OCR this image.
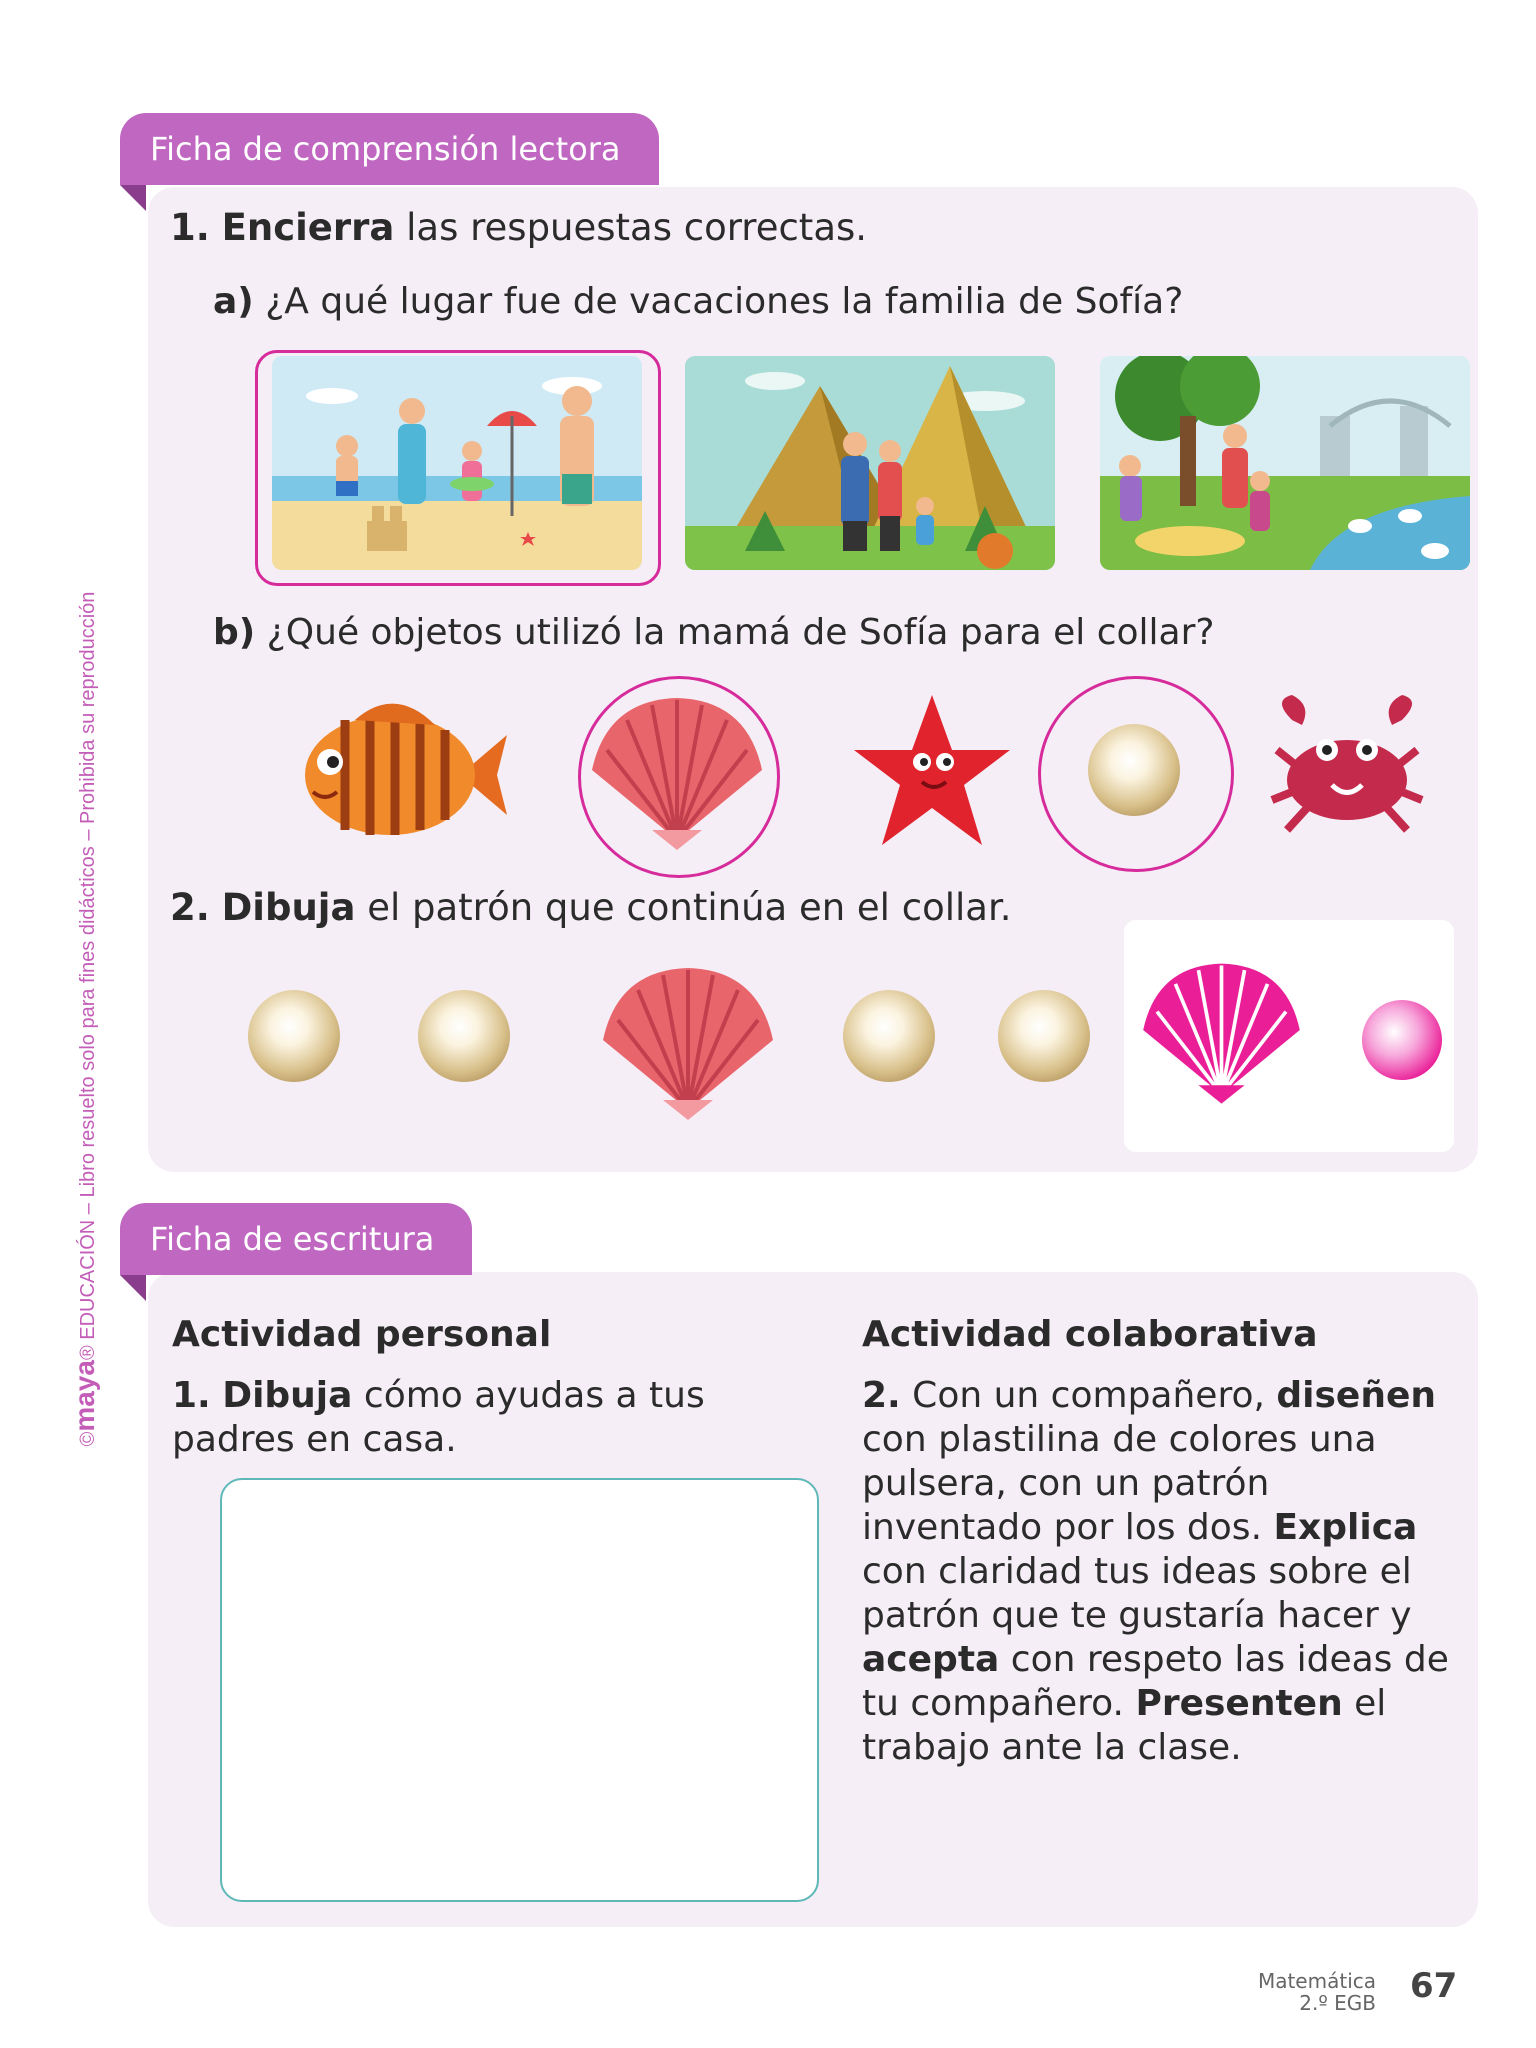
©maya® EDUCACIÓN – Libro resuelto solo para fines didácticos – Prohibida su reproducción
Ficha de comprensión lectora
1. Encierra las respuestas correctas.
a) ¿A qué lugar fue de vacaciones la familia de Sofía?
b) ¿Qué objetos utilizó la mamá de Sofía para el collar?
2. Dibuja el patrón que continúa en el collar.
Ficha de escritura
Actividad personal
1. Dibuja cómo ayudas a tus padres en casa.
Actividad colaborativa
2. Con un compañero, diseñen con plastilina de colores una pulsera, con un patrón inventado por los dos. Explica con claridad tus ideas sobre el patrón que te gustaría hacer y acepta con respeto las ideas de tu compañero. Presenten el trabajo ante la clase.
Matemática
2.º EGB 67
